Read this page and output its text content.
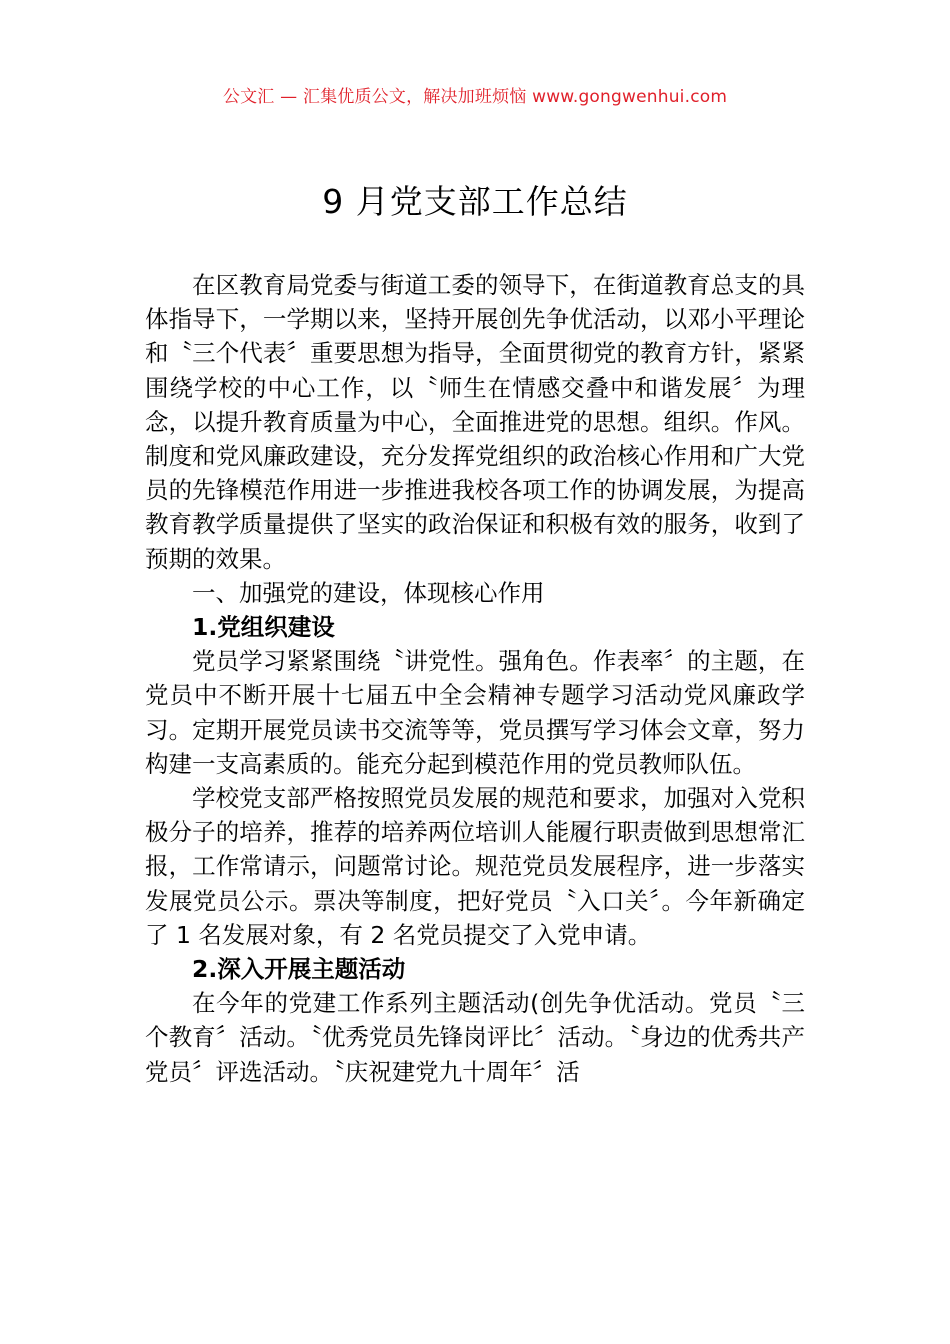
公文汇 — 汇集优质公文，解决加班烦恼 www.gongwenhui.com
9 月党支部工作总结

在区教育局党委与街道工委的领导下，在街道教育总支的具体指导下，一学期以来，坚持开展创先争优活动，以邓小平理论和〝三个代表〞重要思想为指导，全面贯彻党的教育方针，紧紧围绕学校的中心工作，以〝师生在情感交叠中和谐发展〞为理念，以提升教育质量为中心，全面推进党的思想。组织。作风。制度和党风廉政建设，充分发挥党组织的政治核心作用和广大党员的先锋模范作用进一步推进我校各项工作的协调发展，为提高教育教学质量提供了坚实的政治保证和积极有效的服务，收到了预期的效果。

一、加强党的建设，体现核心作用

1.党组织建设

党员学习紧紧围绕〝讲党性。强角色。作表率〞的主题，在党员中不断开展十七届五中全会精神专题学习活动党风廉政学习。定期开展党员读书交流等等，党员撰写学习体会文章，努力构建一支高素质的。能充分起到模范作用的党员教师队伍。

学校党支部严格按照党员发展的规范和要求，加强对入党积极分子的培养，推荐的培养两位培训人能履行职责做到思想常汇报，工作常请示，问题常讨论。规范党员发展程序，进一步落实发展党员公示。票决等制度，把好党员〝入口关〞。今年新确定了 1 名发展对象，有 2 名党员提交了入党申请。

2.深入开展主题活动

在今年的党建工作系列主题活动(创先争优活动。党员〝三个教育〞活动。〝优秀党员先锋岗评比〞活动。〝身边的优秀共产党员〞评选活动。〝庆祝建党九十周年〞活
